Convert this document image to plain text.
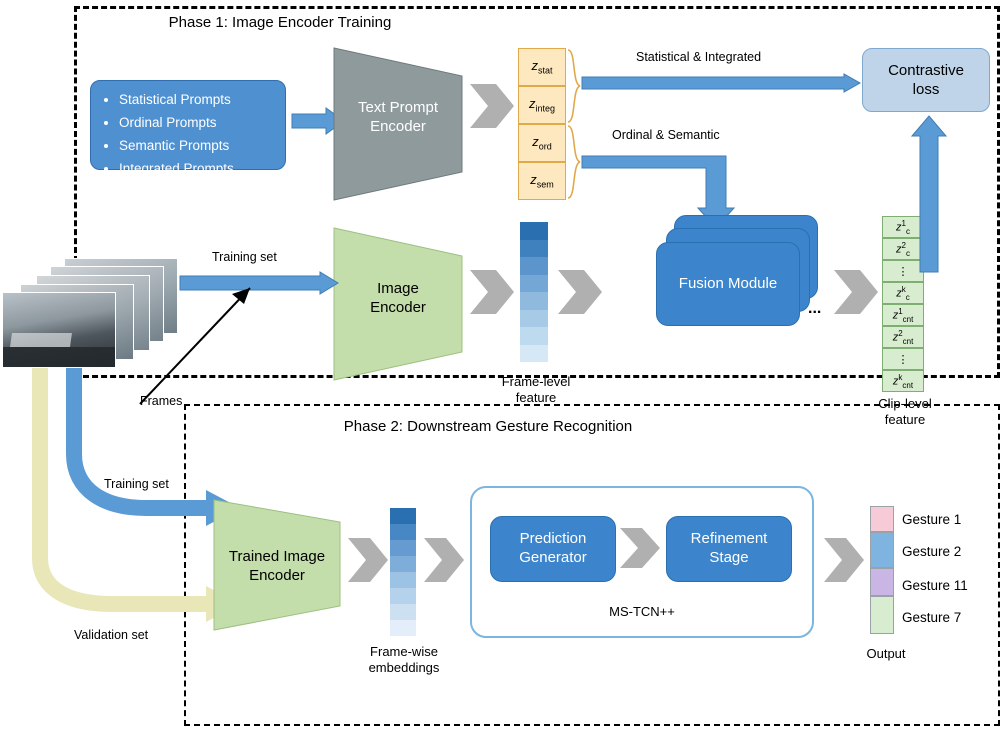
Phase 1: Image Encoder Training
• Statistical Prompts
• Ordinal Prompts
• Semantic Prompts
• Integrated Prompts
Text Prompt
Encoder
$z_{stat}$
$z_{integ}$
$z_{ord}$
$z_{sem}$
Statistical & Integrated
Ordinal & Semantic
Contrastive
loss
Image
Encoder
Training set
Frame-level
feature
Fusion Module
...
$z^1_c$
$z^2_c$
⋮
$z^k_c$
$z^1_{cnt}$
$z^2_{cnt}$
⋮
$z^k_{cnt}$
Clip-level
feature
Frames
Phase 2: Downstream Gesture Recognition
Training set
Validation set
Trained Image
Encoder
Frame-wise
embeddings
Prediction
Generator
Refinement
Stage
MS-TCN++
Gesture 1
Gesture 2
Gesture 11
Gesture 7
Output
